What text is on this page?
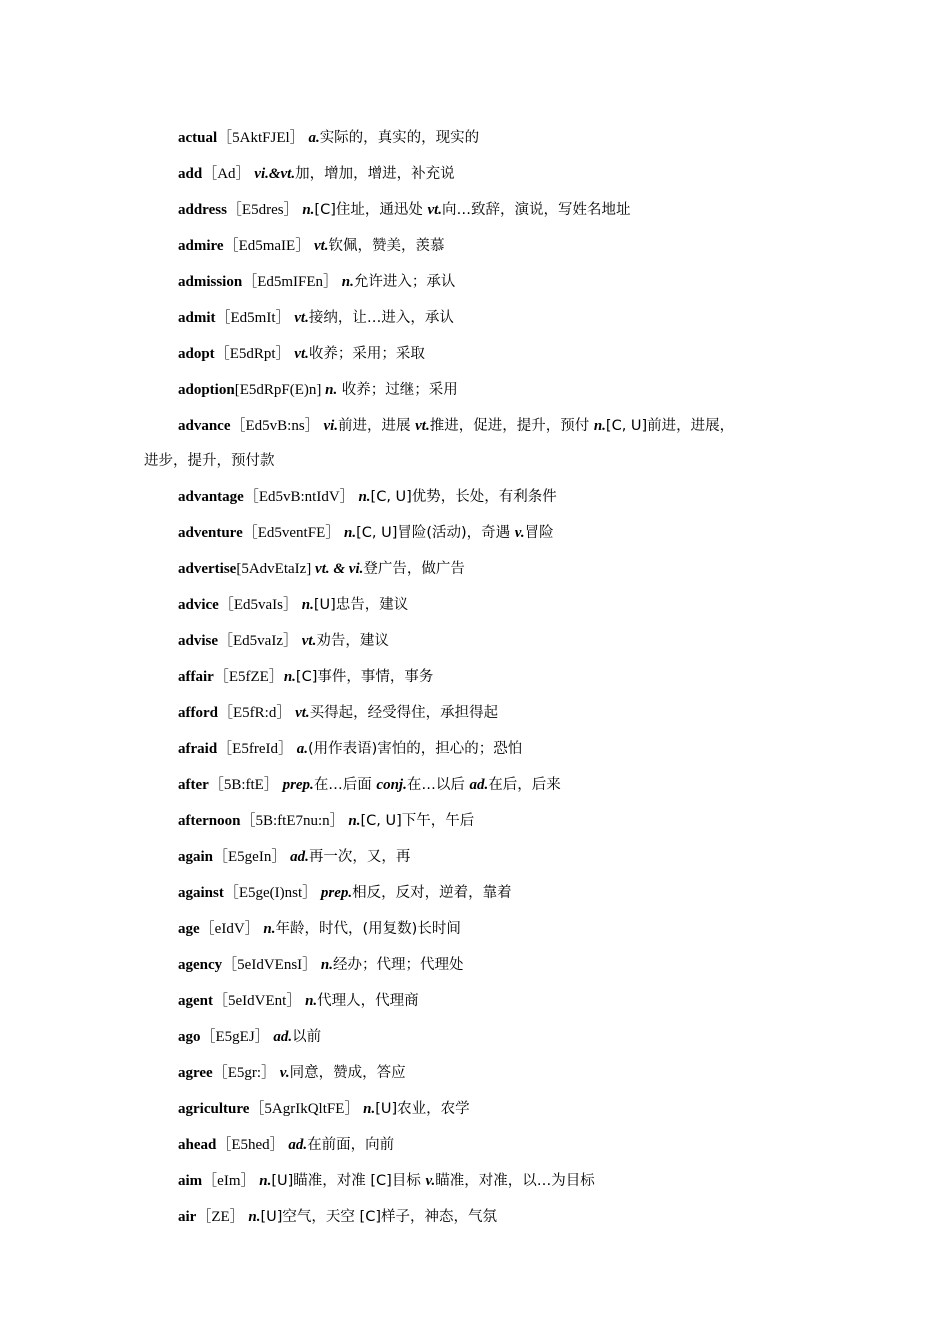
actual［5AktFJEl］ a.实际的，真实的，现实的
add［Ad］ vi.&vt.加，增加，增进，补充说
address［E5dres］ n.[C]住址，通迅处 vt.向…致辞，演说，写姓名地址
admire［Ed5maIE］ vt.钦佩，赞美，羡慕
admission［Ed5mIFEn］ n.允许进入；承认
admit［Ed5mIt］ vt.接纳，让…进入，承认
adopt［E5dRpt］ vt.收养；采用；采取
adoption[E5dRpF(E)n] n. 收养；过继；采用
advance［Ed5vB:ns］ vi.前进，进展 vt.推进，促进，提升，预付 n.[C, U]前进，进展，
进步，提升，预付款
advantage［Ed5vB:ntIdV］ n.[C, U]优势，长处，有利条件
adventure［Ed5ventFE］ n.[C, U]冒险(活动)，奇遇 v.冒险
advertise[5AdvEtaIz] vt. & vi.登广告，做广告
advice［Ed5vaIs］ n.[U]忠告，建议
advise［Ed5vaIz］ vt.劝告，建议
affair［E5fZE］n.[C]事件，事情，事务
afford［E5fR:d］ vt.买得起，经受得住，承担得起
afraid［E5freId］ a.(用作表语)害怕的，担心的；恐怕
after［5B:ftE］ prep.在…后面 conj.在…以后 ad.在后，后来
afternoon［5B:ftE7nu:n］ n.[C, U]下午，午后
again［E5geIn］ ad.再一次，又，再
against［E5ge(I)nst］ prep.相反，反对，逆着，靠着
age［eIdV］ n.年龄，时代，(用复数)长时间
agency［5eIdVEnsI］ n.经办；代理；代理处
agent［5eIdVEnt］ n.代理人，代理商
ago［E5gEJ］ ad.以前
agree［E5gr:］ v.同意，赞成，答应
agriculture［5AgrIkQltFE］ n.[U]农业，农学
ahead［E5hed］ ad.在前面，向前
aim［eIm］ n.[U]瞄准，对准 [C]目标 v.瞄准，对准，以…为目标
air［ZE］ n.[U]空气，天空 [C]样子，神态，气氛
